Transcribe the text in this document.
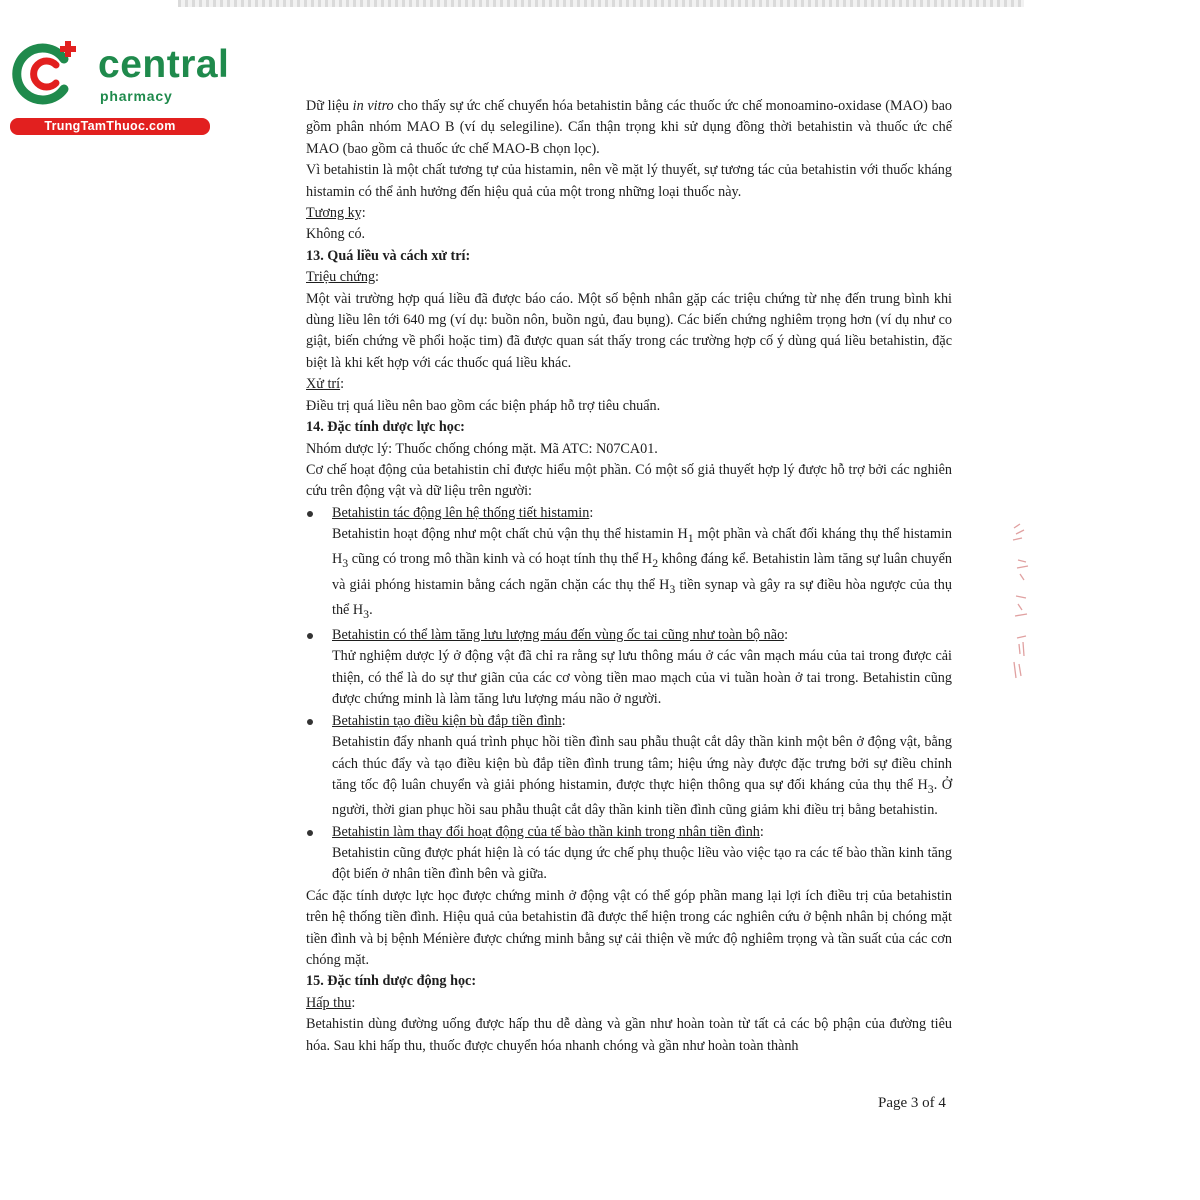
central
pharmacy
TrungTamThuoc.com

Dữ liệu in vitro cho thấy sự ức chế chuyển hóa betahistin bằng các thuốc ức chế monoamino-oxidase (MAO) bao gồm phân nhóm MAO B (ví dụ selegiline). Cẩn thận trọng khi sử dụng đồng thời betahistin và thuốc ức chế MAO (bao gồm cả thuốc ức chế MAO-B chọn lọc).

Vì betahistin là một chất tương tự của histamin, nên về mặt lý thuyết, sự tương tác của betahistin với thuốc kháng histamin có thể ảnh hưởng đến hiệu quả của một trong những loại thuốc này.

Tương kỵ:

Không có.

13. Quá liều và cách xử trí:

Triệu chứng:

Một vài trường hợp quá liều đã được báo cáo. Một số bệnh nhân gặp các triệu chứng từ nhẹ đến trung bình khi dùng liều lên tới 640 mg (ví dụ: buồn nôn, buồn ngủ, đau bụng). Các biến chứng nghiêm trọng hơn (ví dụ như co giật, biến chứng về phổi hoặc tim) đã được quan sát thấy trong các trường hợp cố ý dùng quá liều betahistin, đặc biệt là khi kết hợp với các thuốc quá liều khác.

Xử trí:

Điều trị quá liều nên bao gồm các biện pháp hỗ trợ tiêu chuẩn.

14. Đặc tính dược lực học:

Nhóm dược lý: Thuốc chống chóng mặt. Mã ATC: N07CA01.

Cơ chế hoạt động của betahistin chỉ được hiểu một phần. Có một số giả thuyết hợp lý được hỗ trợ bởi các nghiên cứu trên động vật và dữ liệu trên người:

Betahistin tác động lên hệ thống tiết histamin:

Betahistin hoạt động như một chất chủ vận thụ thể histamin $H_1$ một phần và chất đối kháng thụ thể histamin $H_3$ cũng có trong mô thần kinh và có hoạt tính thụ thể $H_2$ không đáng kể. Betahistin làm tăng sự luân chuyển và giải phóng histamin bằng cách ngăn chặn các thụ thể $H_3$ tiền synap và gây ra sự điều hòa ngược của thụ thể $H_3$.

Betahistin có thể làm tăng lưu lượng máu đến vùng ốc tai cũng như toàn bộ não:

Thử nghiệm dược lý ở động vật đã chỉ ra rằng sự lưu thông máu ở các vân mạch máu của tai trong được cải thiện, có thể là do sự thư giãn của các cơ vòng tiền mao mạch của vi tuần hoàn ở tai trong. Betahistin cũng được chứng minh là làm tăng lưu lượng máu não ở người.

Betahistin tạo điều kiện bù đắp tiền đình:

Betahistin đẩy nhanh quá trình phục hồi tiền đình sau phẫu thuật cắt dây thần kinh một bên ở động vật, bằng cách thúc đẩy và tạo điều kiện bù đắp tiền đình trung tâm; hiệu ứng này được đặc trưng bởi sự điều chỉnh tăng tốc độ luân chuyển và giải phóng histamin, được thực hiện thông qua sự đối kháng của thụ thể $H_3$. Ở người, thời gian phục hồi sau phẫu thuật cắt dây thần kinh tiền đình cũng giảm khi điều trị bằng betahistin.

Betahistin làm thay đổi hoạt động của tế bào thần kinh trong nhân tiền đình:

Betahistin cũng được phát hiện là có tác dụng ức chế phụ thuộc liều vào việc tạo ra các tế bào thần kinh tăng đột biến ở nhân tiền đình bên và giữa.

Các đặc tính dược lực học được chứng minh ở động vật có thể góp phần mang lại lợi ích điều trị của betahistin trên hệ thống tiền đình. Hiệu quả của betahistin đã được thể hiện trong các nghiên cứu ở bệnh nhân bị chóng mặt tiền đình và bị bệnh Ménière được chứng minh bằng sự cải thiện về mức độ nghiêm trọng và tần suất của các cơn chóng mặt.

15. Đặc tính dược động học:

Hấp thu:

Betahistin dùng đường uống được hấp thu dễ dàng và gần như hoàn toàn từ tất cả các bộ phận của đường tiêu hóa. Sau khi hấp thu, thuốc được chuyển hóa nhanh chóng và gần như hoàn toàn thành

Page 3 of 4
